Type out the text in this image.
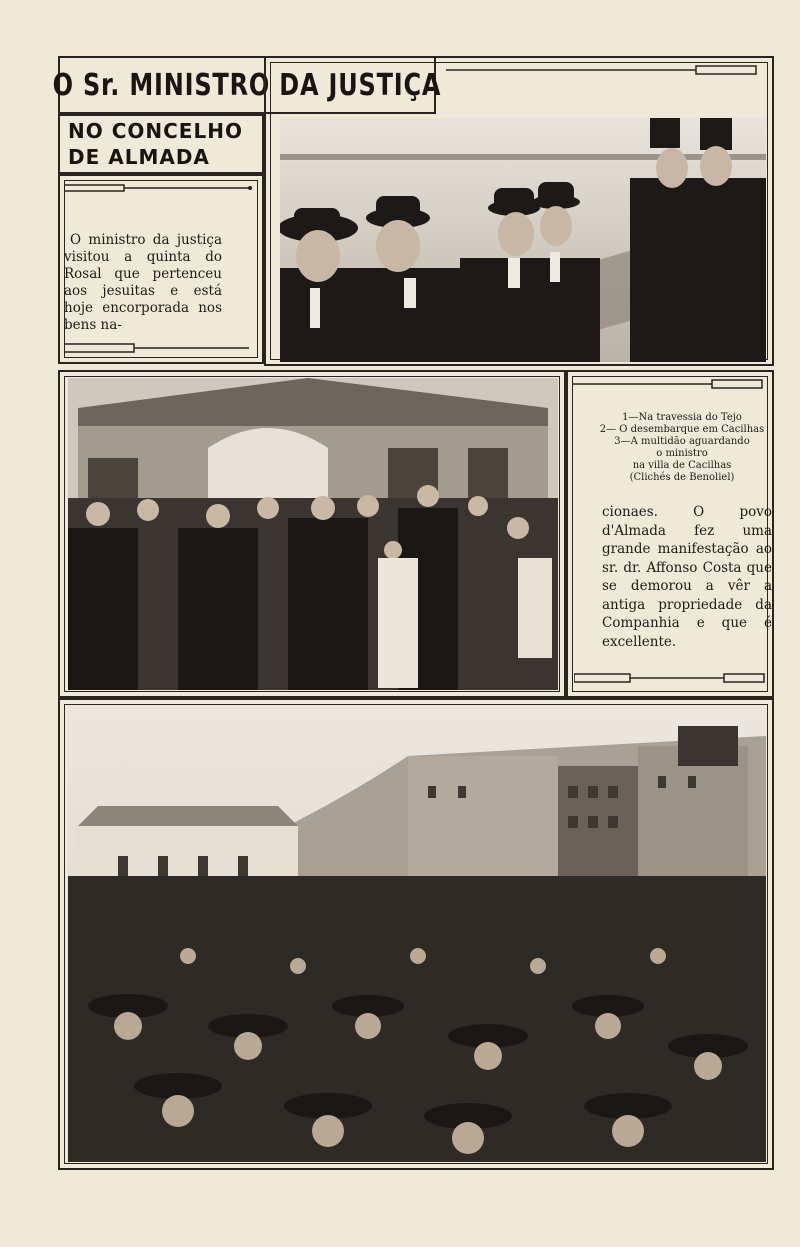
O Sr. MINISTRO DA JUSTIÇA
NO CONCELHO
DE ALMADA
O ministro da justiça visitou a quinta do Rosal que pertenceu aos jesuitas e está hoje encorporada nos bens na-
1—Na travessia do Tejo
2— O desembarque em Cacilhas
3—A multidão aguardando
o ministro
na villa de Cacilhas
(Clichés de Benoliel)
cionaes. O povo d'Almada fez uma grande manifestação ao sr. dr. Affonso Costa que se demorou a vêr a antiga propriedade da Companhia e que é excellente.
